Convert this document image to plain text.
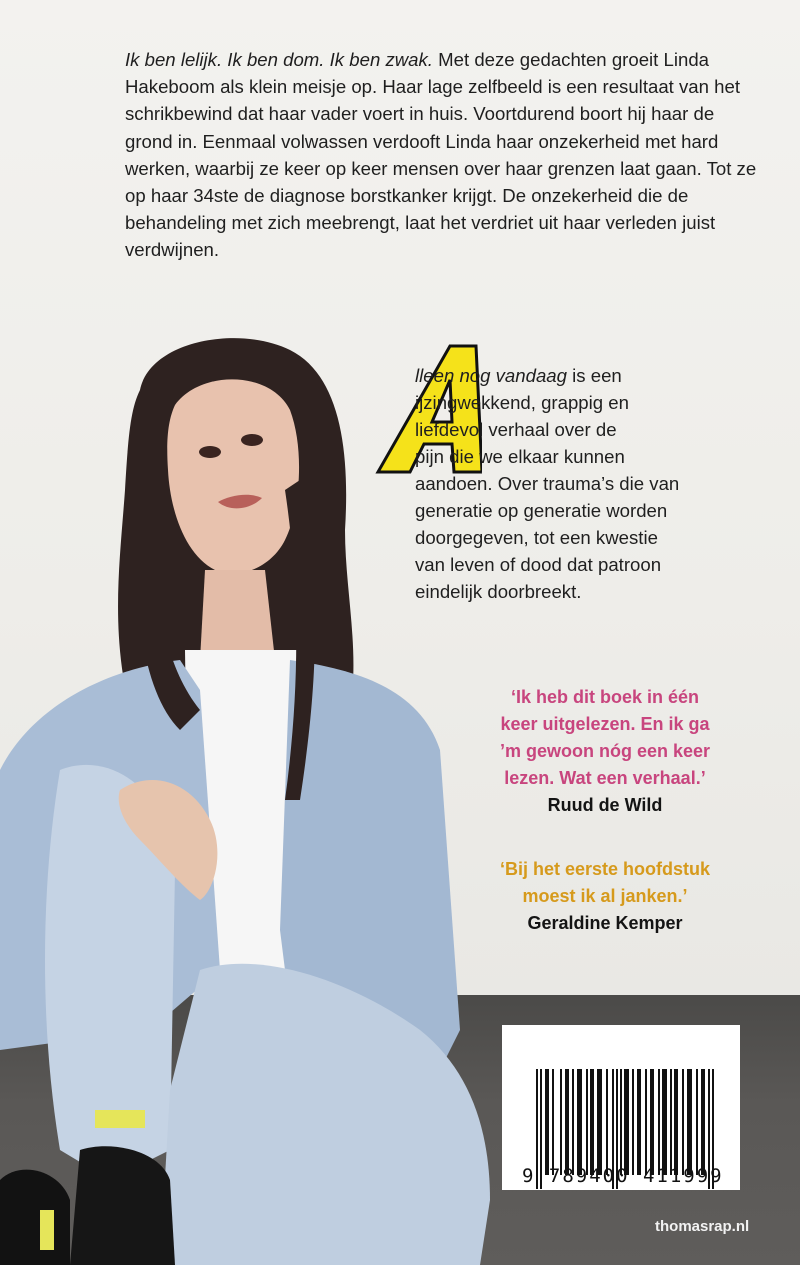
Ik ben lelijk. Ik ben dom. Ik ben zwak. Met deze gedachten groeit Linda Hakeboom als klein meisje op. Haar lage zelfbeeld is een resultaat van het schrikbewind dat haar vader voert in huis. Voortdurend boort hij haar de grond in. Eenmaal volwassen verdooft Linda haar onzekerheid met hard werken, waarbij ze keer op keer mensen over haar grenzen laat gaan. Tot ze op haar 34ste de diagnose borstkanker krijgt. De onzekerheid die de behandeling met zich meebrengt, laat het verdriet uit haar verleden juist verdwijnen.
lleen nog vandaag is een
ijzingwekkend, grappig en
liefdevol verhaal over de
pijn die we elkaar kunnen
aandoen. Over trauma’s die van
generatie op generatie worden
doorgegeven, tot een kwestie
van leven of dood dat patroon
eindelijk doorbreekt.
‘Ik heb dit boek in één
keer uitgelezen. En ik ga
’m gewoon nóg een keer
lezen. Wat een verhaal.’
Ruud de Wild
‘Bij het eerste hoofdstuk
moest ik al janken.’
Geraldine Kemper
9 789400 411999
thomasrap.nl
